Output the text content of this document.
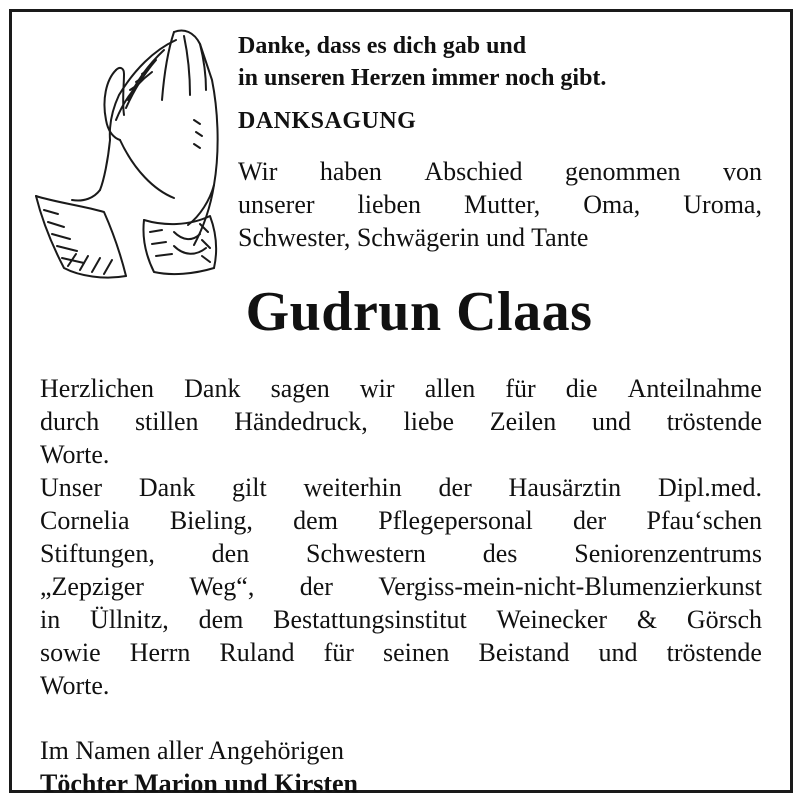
Danke, dass es dich gab und
in unseren Herzen immer noch gibt.
DANKSAGUNG
Wir haben Abschied genommen von
unserer lieben Mutter, Oma, Uroma,
Schwester, Schwägerin und Tante
Gudrun Claas
Herzlichen Dank sagen wir allen für die Anteilnahme
durch stillen Händedruck, liebe Zeilen und tröstende
Worte.
Unser Dank gilt weiterhin der Hausärztin Dipl.med.
Cornelia Bieling, dem Pflegepersonal der Pfau‘schen
Stiftungen, den Schwestern des Seniorenzentrums
„Zepziger Weg“, der Vergiss-mein-nicht-Blumenzierkunst
in Üllnitz, dem Bestattungsinstitut Weinecker & Görsch
sowie Herrn Ruland für seinen Beistand und tröstende
Worte.
Im Namen aller Angehörigen
Töchter Marion und Kirsten
